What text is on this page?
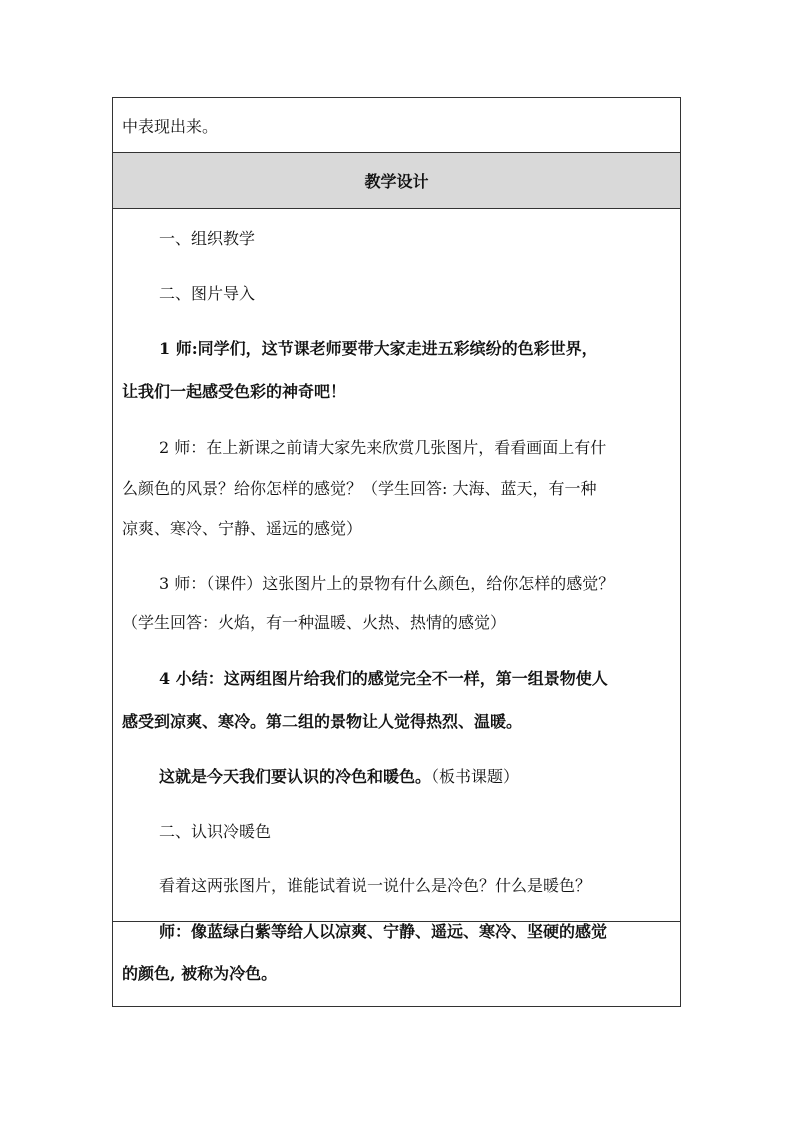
中表现出来。
教学设计
一、组织教学
二、图片导入
1 师:同学们，这节课老师要带大家走进五彩缤纷的色彩世界，
让我们一起感受色彩的神奇吧！
2 师：在上新课之前请大家先来欣赏几张图片，看看画面上有什
么颜色的风景？给你怎样的感觉？（学生回答: 大海、蓝天，有一种
凉爽、寒冷、宁静、遥远的感觉）
3 师：（课件）这张图片上的景物有什么颜色，给你怎样的感觉？
（学生回答：火焰，有一种温暖、火热、热情的感觉）
4 小结：这两组图片给我们的感觉完全不一样，第一组景物使人
感受到凉爽、寒冷。第二组的景物让人觉得热烈、温暖。
这就是今天我们要认识的冷色和暖色。（板书课题）
二、认识冷暖色
看着这两张图片，谁能试着说一说什么是冷色？什么是暖色？
师：像蓝绿白紫等给人以凉爽、宁静、遥远、寒冷、坚硬的感觉
的颜色, 被称为冷色。
